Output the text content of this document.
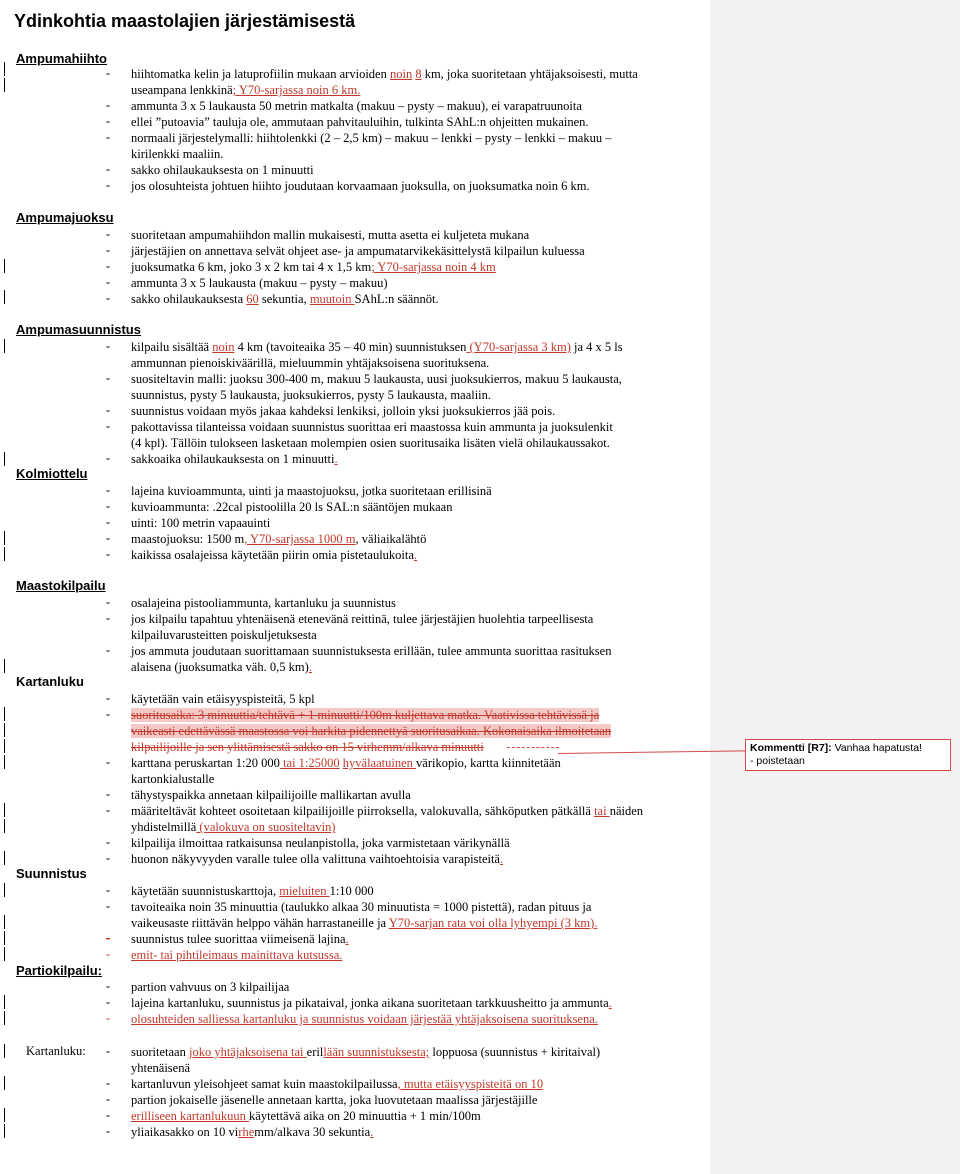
Ydinkohtia maastolajien järjestämisestä
Ampumahiihto
- hiihtomatka kelin ja latuprofiilin mukaan arvioiden noin 8 km, joka suoritetaan yhtäjaksoisesti, mutta
useampana lenkkinä; Y70-sarjassa noin 6 km.
- ammunta 3 x 5 laukausta 50 metrin matkalta (makuu – pysty – makuu), ei varapatruunoita
- ellei ”putoavia” tauluja ole, ammutaan pahvitauluihin, tulkinta SAhL:n ohjeitten mukainen.
- normaali järjestelymalli: hiihtolenkki (2 – 2,5 km) – makuu – lenkki – pysty – lenkki – makuu –
kirilenkki maaliin.
- sakko ohilaukauksesta on 1 minuutti
- jos olosuhteista johtuen hiihto joudutaan korvaamaan juoksulla, on juoksumatka noin 6 km.
Ampumajuoksu
- suoritetaan ampumahiihdon mallin mukaisesti, mutta asetta ei kuljeteta mukana
- järjestäjien on annettava selvät ohjeet ase- ja ampumatarvikekäsittelystä kilpailun kuluessa
- juoksumatka 6 km, joko 3 x 2 km tai 4 x 1,5 km; Y70-sarjassa noin 4 km
- ammunta 3 x 5 laukausta (makuu – pysty – makuu)
- sakko ohilaukauksesta 60 sekuntia, muutoin SAhL:n säännöt.
Ampumasuunnistus
- kilpailu sisältää noin 4 km (tavoiteaika 35 – 40 min) suunnistuksen (Y70-sarjassa 3 km) ja 4 x 5 ls
ammunnan pienoiskiväärillä, mieluummin yhtäjaksoisena suorituksena.
- suositeltavin malli: juoksu 300-400 m, makuu 5 laukausta, uusi juoksukierros, makuu 5 laukausta,
suunnistus, pysty 5 laukausta, juoksukierros, pysty 5 laukausta, maaliin.
- suunnistus voidaan myös jakaa kahdeksi lenkiksi, jolloin yksi juoksukierros jää pois.
- pakottavissa tilanteissa voidaan suunnistus suorittaa eri maastossa kuin ammunta ja juoksulenkit
(4 kpl). Tällöin tulokseen lasketaan molempien osien suoritusaika lisäten vielä ohilaukaussakot.
- sakkoaika ohilaukauksesta on 1 minuutti.
Kolmiottelu
- lajeina kuvioammunta, uinti ja maastojuoksu, jotka suoritetaan erillisinä
- kuvioammunta: .22cal pistoolilla 20 ls SAL:n sääntöjen mukaan
- uinti: 100 metrin vapaauinti
- maastojuoksu: 1500 m, Y70-sarjassa 1000 m, väliaikalähtö
- kaikissa osalajeissa käytetään piirin omia pistetaulukoita.
Maastokilpailu
- osalajeina pistooliammunta, kartanluku ja suunnistus
- jos kilpailu tapahtuu yhtenäisenä etenevänä reittinä, tulee järjestäjien huolehtia tarpeellisesta
kilpailuvarusteitten poiskuljetuksesta
- jos ammuta joudutaan suorittamaan suunnistuksesta erillään, tulee ammunta suorittaa rasituksen
alaisena (juoksumatka väh. 0,5 km).
Kartanluku
- käytetään vain etäisyyspisteitä, 5 kpl
- suoritusaika: 3 minuuttia/tehtävä + 1 minuutti/100m kuljettava matka. Vaativissa tehtävissä ja
vaikeasti edettävässä maastossa voi harkita pidennettyä suoritusaikaa. Kokonaisaika ilmoitetaan
kilpailijoille ja sen ylittämisestä sakko on 15 virhemm/alkava minuutti
- karttana peruskartan 1:20 000 tai 1:25000 hyvälaatuinen värikopio, kartta kiinnitetään
kartonkialustalle
- tähystyspaikka annetaan kilpailijoille mallikartan avulla
- määriteltävät kohteet osoitetaan kilpailijoille piirroksella, valokuvalla, sähköputken pätkällä tai näiden
yhdistelmillä (valokuva on suositeltavin)
- kilpailija ilmoittaa ratkaisunsa neulanpistolla, joka varmistetaan värikynällä
- huonon näkyvyyden varalle tulee olla valittuna vaihtoehtoisia varapisteitä.
Suunnistus
- käytetään suunnistuskarttoja, mieluiten 1:10 000
- tavoiteaika noin 35 minuuttia (taulukko alkaa 30 minuutista = 1000 pistettä), radan pituus ja
vaikeusaste riittävän helppo vähän harrastaneille ja Y70-sarjan rata voi olla lyhyempi (3 km).
- suunnistus tulee suorittaa viimeisenä lajina.
- emit- tai pihtileimaus mainittava kutsussa.
Partiokilpailu:
- partion vahvuus on 3 kilpailijaa
- lajeina kartanluku, suunnistus ja pikataival, jonka aikana suoritetaan tarkkuusheitto ja ammunta.
- olosuhteiden salliessa kartanluku ja suunnistus voidaan järjestää yhtäjaksoisena suorituksena.
Kartanluku: - suoritetaan joko yhtäjaksoisena tai erillään suunnistuksesta; loppuosa (suunnistus + kiritaival)
yhtenäisenä
- kartanluvun yleisohjeet samat kuin maastokilpailussa, mutta etäisyyspisteitä on 10
- partion jokaiselle jäsenelle annetaan kartta, joka luovutetaan maalissa järjestäjille
- erilliseen kartanlukuun käytettävä aika on 20 minuuttia + 1 min/100m
- yliaikasakko on 10 virhemm/alkava 30 sekuntia.
Kommentti [R7]: Vanhaa hapatusta!
- poistetaan
